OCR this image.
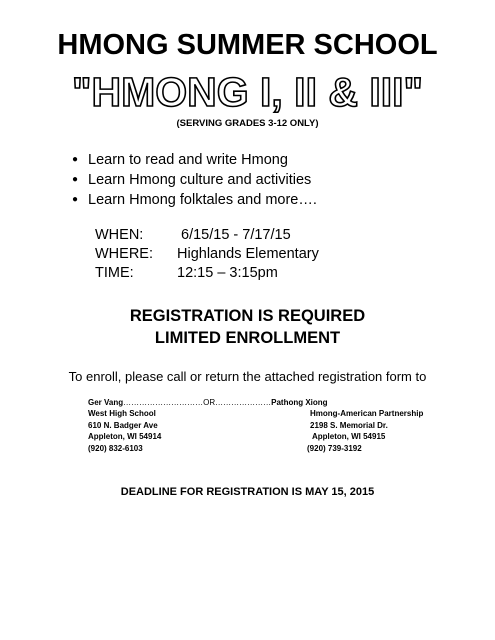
HMONG SUMMER SCHOOL
"HMONG I, II & III"
(SERVING GRADES 3-12 ONLY)
● Learn to read and write Hmong
● Learn Hmong culture and activities
● Learn Hmong folktales and more….
WHEN:	6/15/15 - 7/17/15
WHERE:	Highlands Elementary
TIME:	12:15 – 3:15pm
REGISTRATION IS REQUIRED
LIMITED ENROLLMENT
To enroll, please call or return the attached registration form to
Ger Vang…………………………OR…………………Pathong Xiong
West High School	Hmong-American Partnership
610 N. Badger Ave	2198 S. Memorial Dr.
Appleton, WI 54914	Appleton, WI 54915
(920) 832-6103	(920) 739-3192
DEADLINE FOR REGISTRATION IS MAY 15, 2015
